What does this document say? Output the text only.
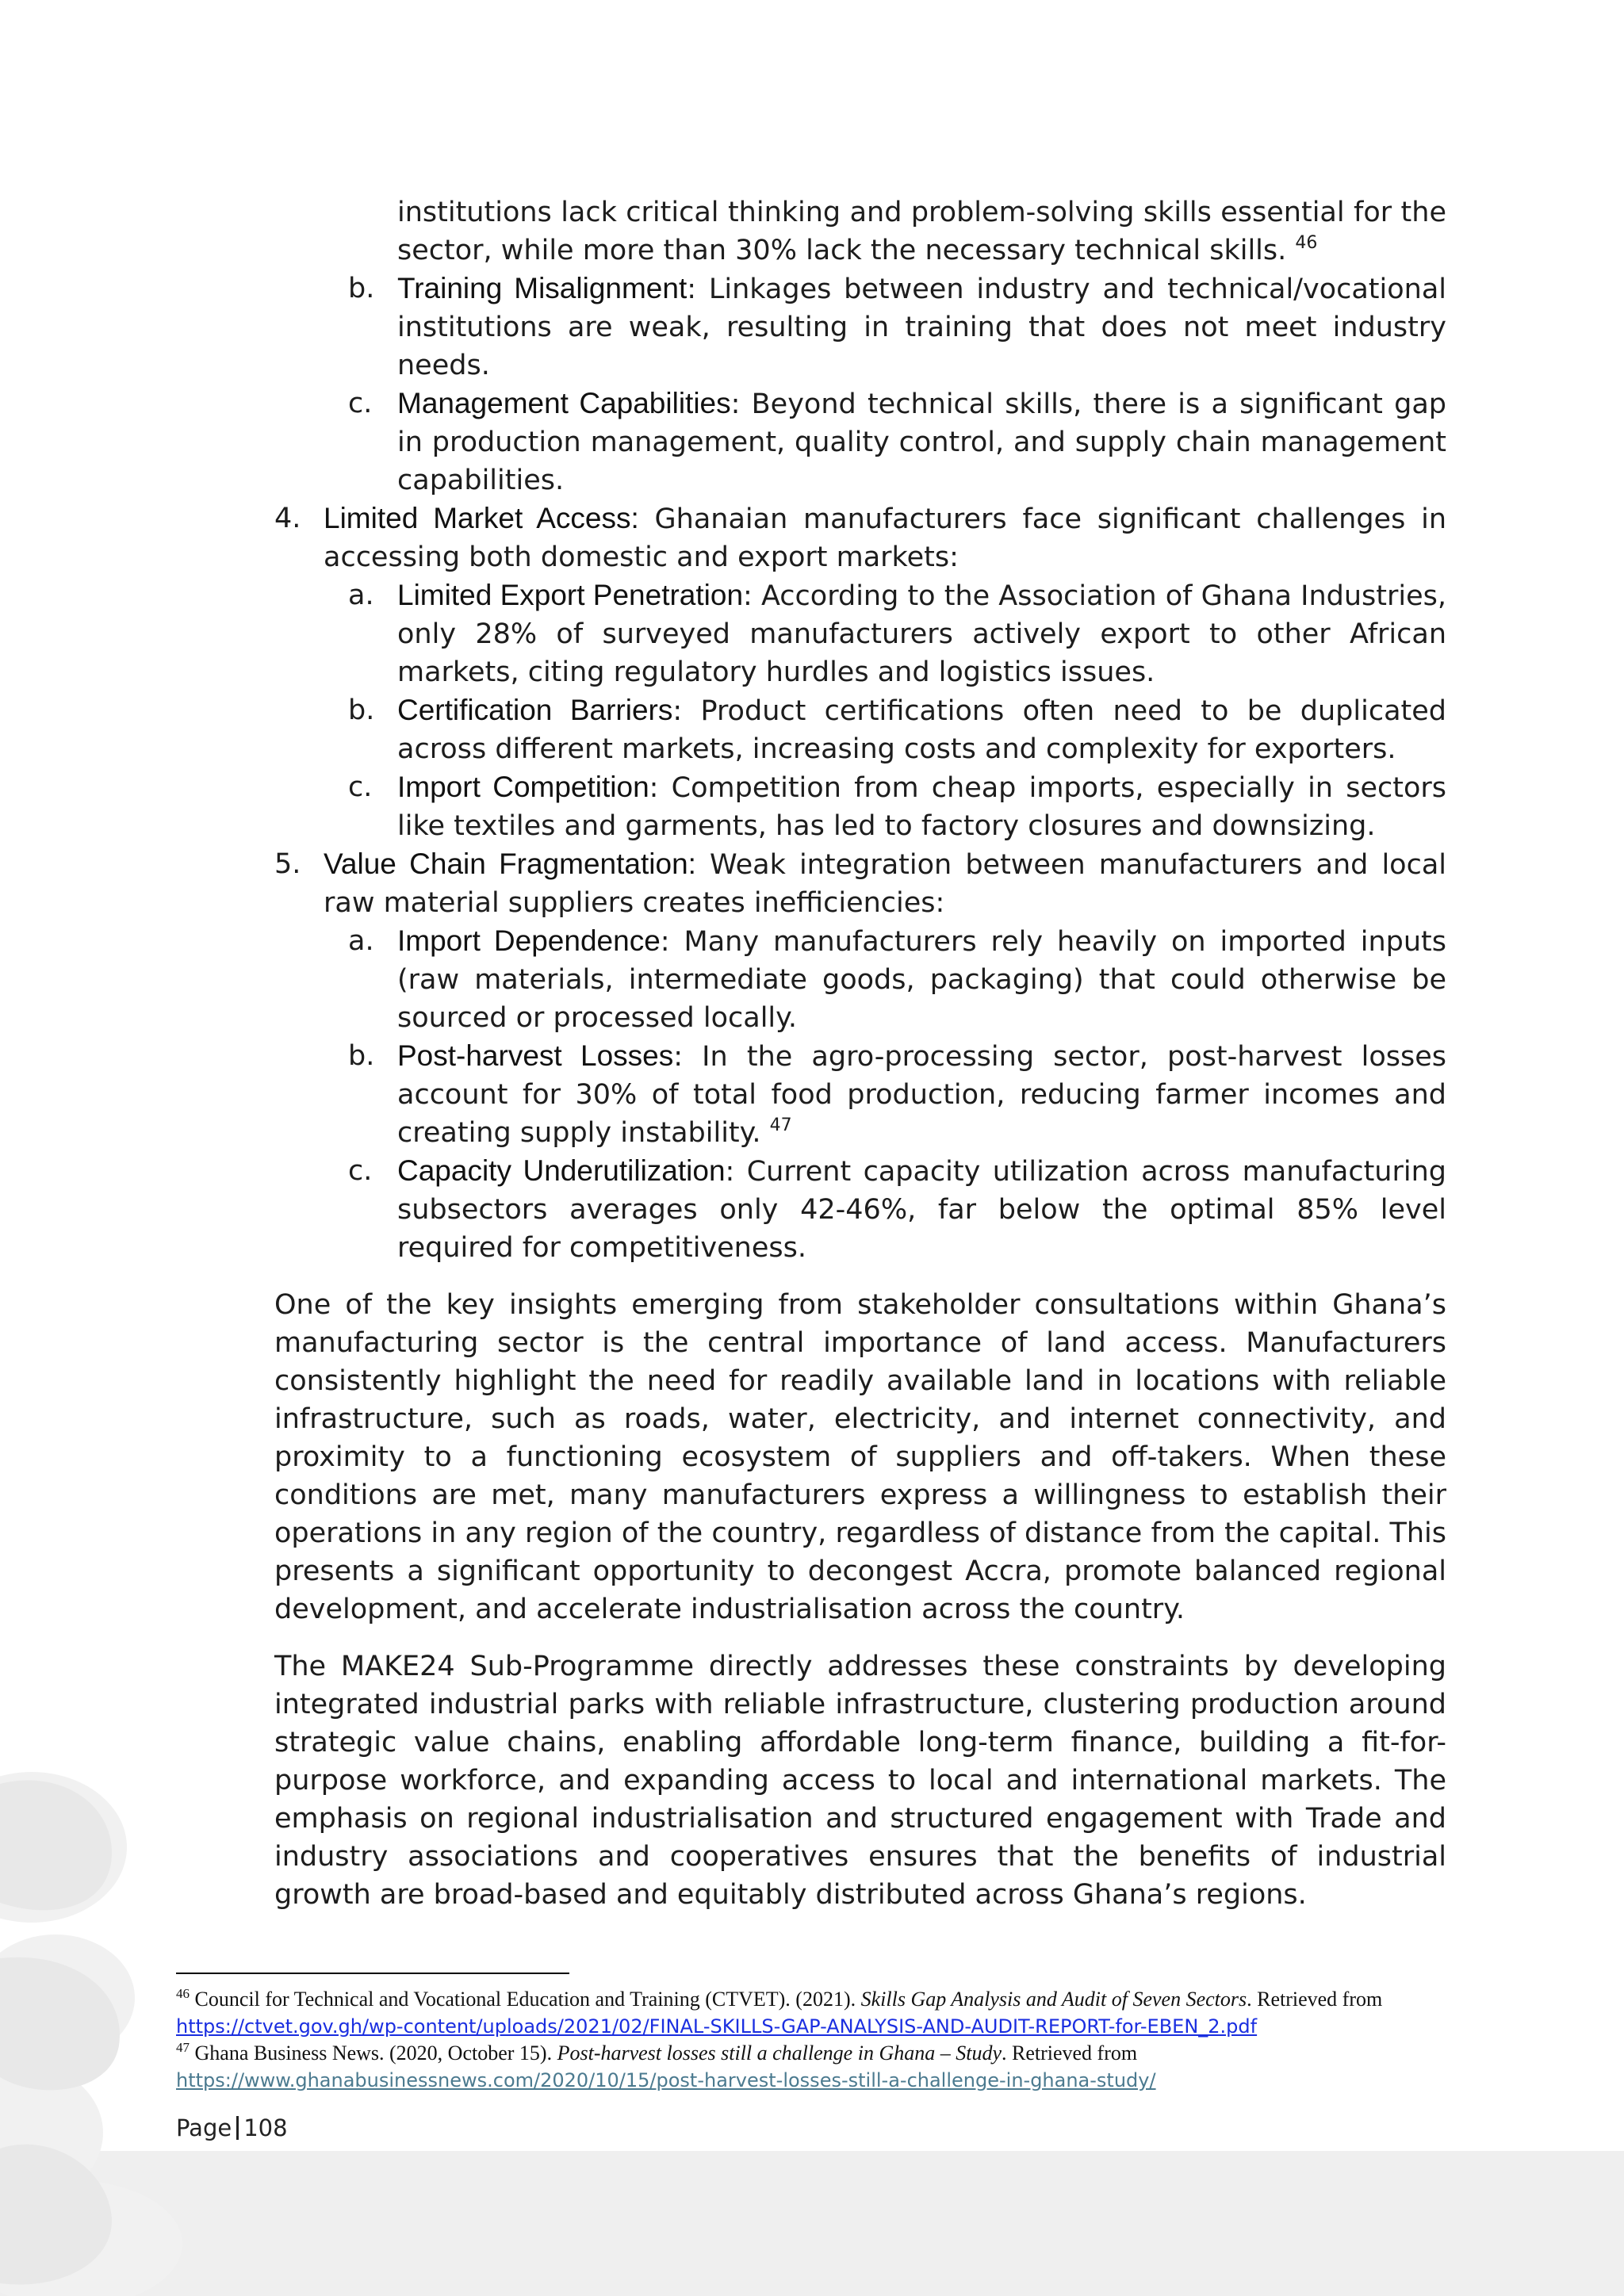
institutions lack critical thinking and problem-solving skills essential for the sector, while more than 30% lack the necessary technical skills. $^{46}$

b. Training Misalignment: Linkages between industry and technical/vocational institutions are weak, resulting in training that does not meet industry needs.

c. Management Capabilities: Beyond technical skills, there is a significant gap in production management, quality control, and supply chain management capabilities.

4. Limited Market Access: Ghanaian manufacturers face significant challenges in accessing both domestic and export markets:

a. Limited Export Penetration: According to the Association of Ghana Industries, only 28% of surveyed manufacturers actively export to other African markets, citing regulatory hurdles and logistics issues.

b. Certification Barriers: Product certifications often need to be duplicated across different markets, increasing costs and complexity for exporters.

c. Import Competition: Competition from cheap imports, especially in sectors like textiles and garments, has led to factory closures and downsizing.

5. Value Chain Fragmentation: Weak integration between manufacturers and local raw material suppliers creates inefficiencies:

a. Import Dependence: Many manufacturers rely heavily on imported inputs (raw materials, intermediate goods, packaging) that could otherwise be sourced or processed locally.

b. Post-harvest Losses: In the agro-processing sector, post-harvest losses account for 30% of total food production, reducing farmer incomes and creating supply instability. $^{47}$

c. Capacity Underutilization: Current capacity utilization across manufacturing subsectors averages only 42-46%, far below the optimal 85% level required for competitiveness.

One of the key insights emerging from stakeholder consultations within Ghana’s manufacturing sector is the central importance of land access. Manufacturers consistently highlight the need for readily available land in locations with reliable infrastructure, such as roads, water, electricity, and internet connectivity, and proximity to a functioning ecosystem of suppliers and off-takers. When these conditions are met, many manufacturers express a willingness to establish their operations in any region of the country, regardless of distance from the capital. This presents a significant opportunity to decongest Accra, promote balanced regional development, and accelerate industrialisation across the country.

The MAKE24 Sub-Programme directly addresses these constraints by developing integrated industrial parks with reliable infrastructure, clustering production around strategic value chains, enabling affordable long-term finance, building a fit-for-purpose workforce, and expanding access to local and international markets. The emphasis on regional industrialisation and structured engagement with Trade and industry associations and cooperatives ensures that the benefits of industrial growth are broad-based and equitably distributed across Ghana’s regions.

$^{46}$ Council for Technical and Vocational Education and Training (CTVET). (2021). Skills Gap Analysis and Audit of Seven Sectors. Retrieved from https://ctvet.gov.gh/wp-content/uploads/2021/02/FINAL-SKILLS-GAP-ANALYSIS-AND-AUDIT-REPORT-for-EBEN_2.pdf
$^{47}$ Ghana Business News. (2020, October 15). Post-harvest losses still a challenge in Ghana – Study. Retrieved from https://www.ghanabusinessnews.com/2020/10/15/post-harvest-losses-still-a-challenge-in-ghana-study/
Page 108
